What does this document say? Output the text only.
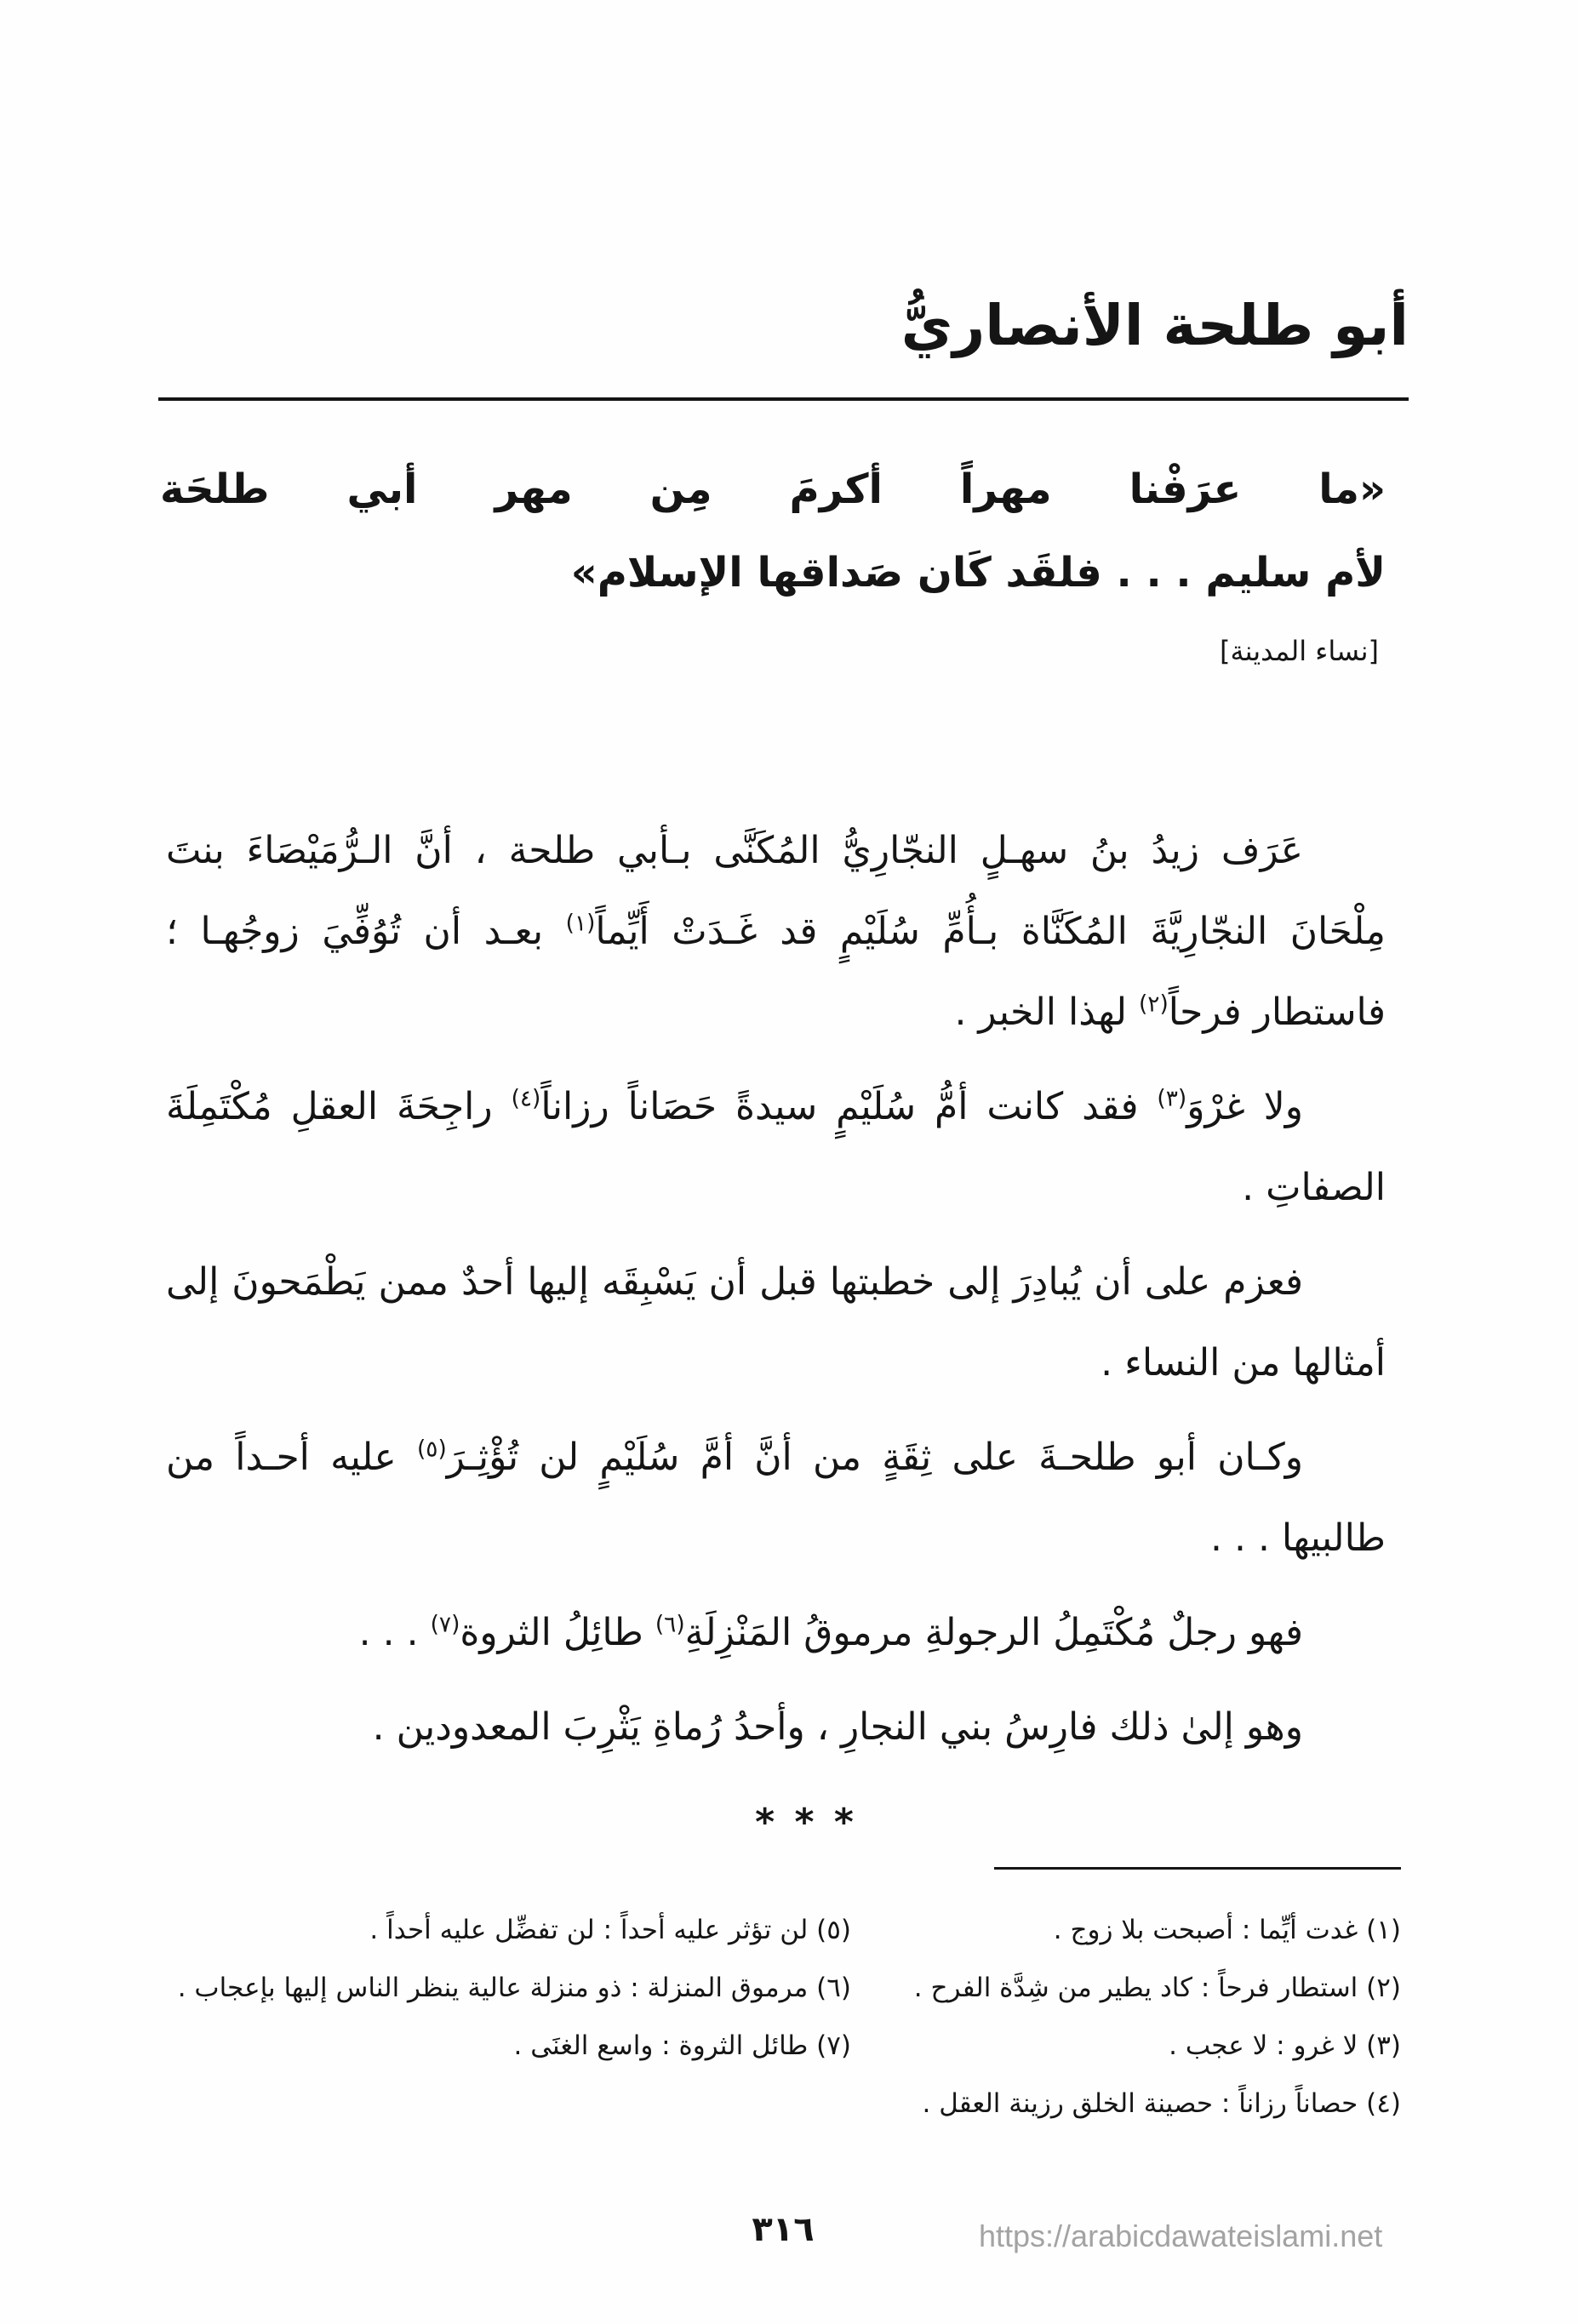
أبو طلحة الأنصاريُّ
«ما عرَفْنا مهراً أكرمَ مِن مهر أبي طلحَة
لأم سليم . . . فلقَد كَان صَداقها الإسلام»
[نساء المدينة]
عَرَف زيدُ بنُ سهـلٍ النجّارِيُّ المُكَنَّى بـأبي طلحة ، أنَّ الـرُّمَيْصَاءَ بنتَ
مِلْحَانَ النجّارِيَّةَ المُكَنَّاة بـأُمِّ سُلَيْمٍ قد غَـدَتْ أَيِّماً$^{(١)}$ بعـد أن تُوُفِّيَ زوجُهـا ؛
فاستطار فرحاً$^{(٢)}$ لهذا الخبر .
ولا غرْوَ$^{(٣)}$ فقد كانت أمُّ سُلَيْمٍ سيدةً حَصَاناً رزاناً$^{(٤)}$ راجِحَةَ العقلِ مُكْتَمِلَةَ
الصفاتِ .
فعزم على أن يُبادِرَ إلى خطبتها قبل أن يَسْبِقَه إليها أحدٌ ممن يَطْمَحونَ إلى
أمثالها من النساء .
وكـان أبو طلحـةَ على ثِقَةٍ من أنَّ أمَّ سُلَيْمٍ لن تُؤْثِـرَ$^{(٥)}$ عليه أحـداً من
طالبيها . . .
فهو رجلٌ مُكْتَمِلُ الرجولةِ مرموقُ المَنْزِلَةِ$^{(٦)}$ طائِلُ الثروة$^{(٧)}$ . . .
وهو إلىٰ ذلك فارِسُ بني النجارِ ، وأحدُ رُماةِ يَثْرِبَ المعدودين .
* * *
(١) غدت أيِّما : أصبحت بلا زوج .
(٢) استطار فرحاً : كاد يطير من شِدَّة الفرح .
(٣) لا غرو : لا عجب .
(٤) حصاناً رزاناً : حصينة الخلق رزينة العقل .
(٥) لن تؤثر عليه أحداً : لن تفضِّل عليه أحداً .
(٦) مرموق المنزلة : ذو منزلة عالية ينظر الناس إليها بإعجاب .
(٧) طائل الثروة : واسع الغنَى .
٣١٦	https://arabicdawateislami.net
